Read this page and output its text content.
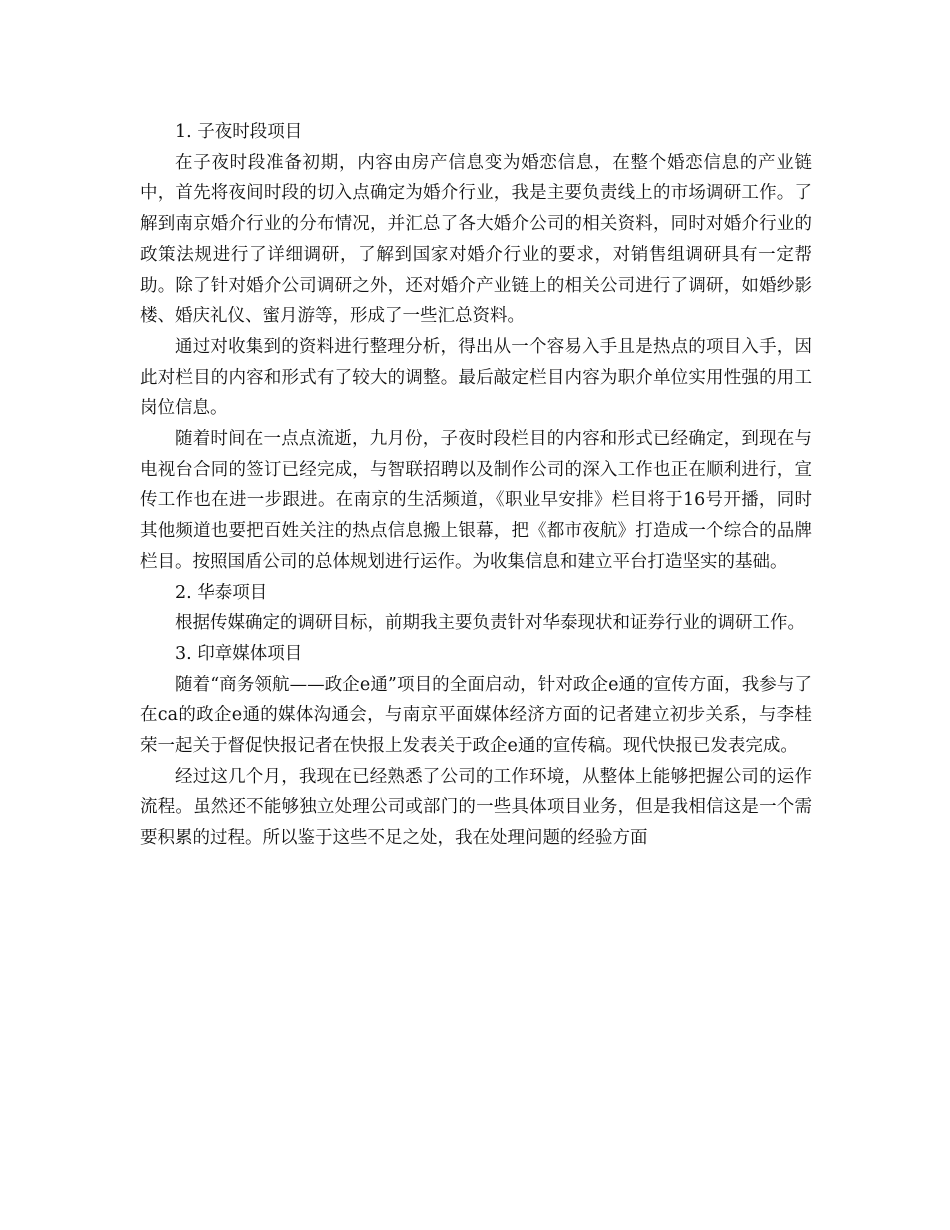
1. 子夜时段项目

在子夜时段准备初期，内容由房产信息变为婚恋信息，在整个婚恋信息的产业链中，首先将夜间时段的切入点确定为婚介行业，我是主要负责线上的市场调研工作。了解到南京婚介行业的分布情况，并汇总了各大婚介公司的相关资料，同时对婚介行业的政策法规进行了详细调研，了解到国家对婚介行业的要求，对销售组调研具有一定帮助。除了针对婚介公司调研之外，还对婚介产业链上的相关公司进行了调研，如婚纱影楼、婚庆礼仪、蜜月游等，形成了一些汇总资料。

通过对收集到的资料进行整理分析，得出从一个容易入手且是热点的项目入手，因此对栏目的内容和形式有了较大的调整。最后敲定栏目内容为职介单位实用性强的用工岗位信息。

随着时间在一点点流逝，九月份，子夜时段栏目的内容和形式已经确定，到现在与电视台合同的签订已经完成，与智联招聘以及制作公司的深入工作也正在顺利进行，宣传工作也在进一步跟进。在南京的生活频道，《职业早安排》栏目将于16号开播，同时其他频道也要把百姓关注的热点信息搬上银幕，把《都市夜航》打造成一个综合的品牌栏目。按照国盾公司的总体规划进行运作。为收集信息和建立平台打造坚实的基础。

2. 华泰项目

根据传媒确定的调研目标，前期我主要负责针对华泰现状和证券行业的调研工作。

3. 印章媒体项目

随着“商务领航——政企e通”项目的全面启动，针对政企e通的宣传方面，我参与了在ca的政企e通的媒体沟通会，与南京平面媒体经济方面的记者建立初步关系，与李桂荣一起关于督促快报记者在快报上发表关于政企e通的宣传稿。现代快报已发表完成。

经过这几个月，我现在已经熟悉了公司的工作环境，从整体上能够把握公司的运作流程。虽然还不能够独立处理公司或部门的一些具体项目业务，但是我相信这是一个需要积累的过程。所以鉴于这些不足之处，我在处理问题的经验方面
